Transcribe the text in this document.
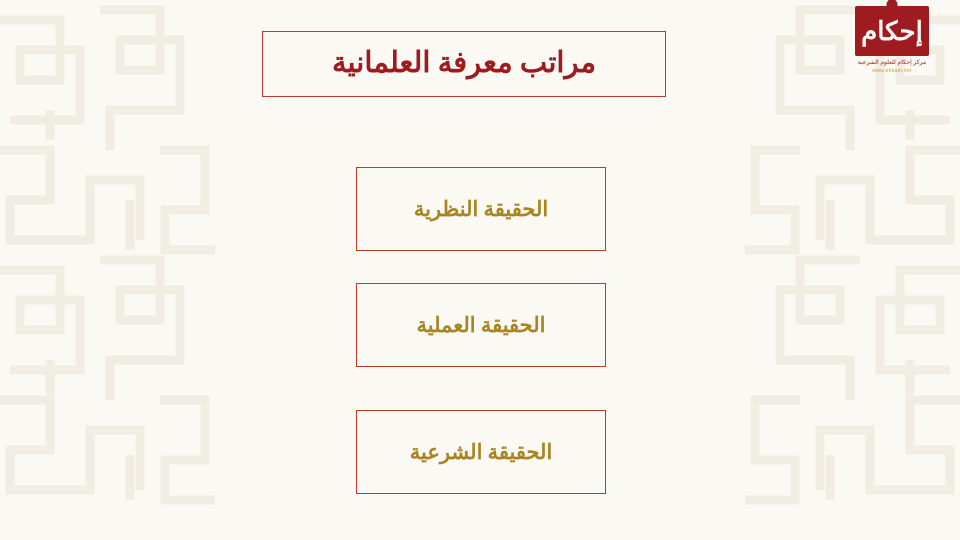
إحكام
مركز إحكام للعلوم الشرعية
www.ehkam.net
مراتب معرفة العلمانية
الحقيقة النظرية
الحقيقة العملية
الحقيقة الشرعية
